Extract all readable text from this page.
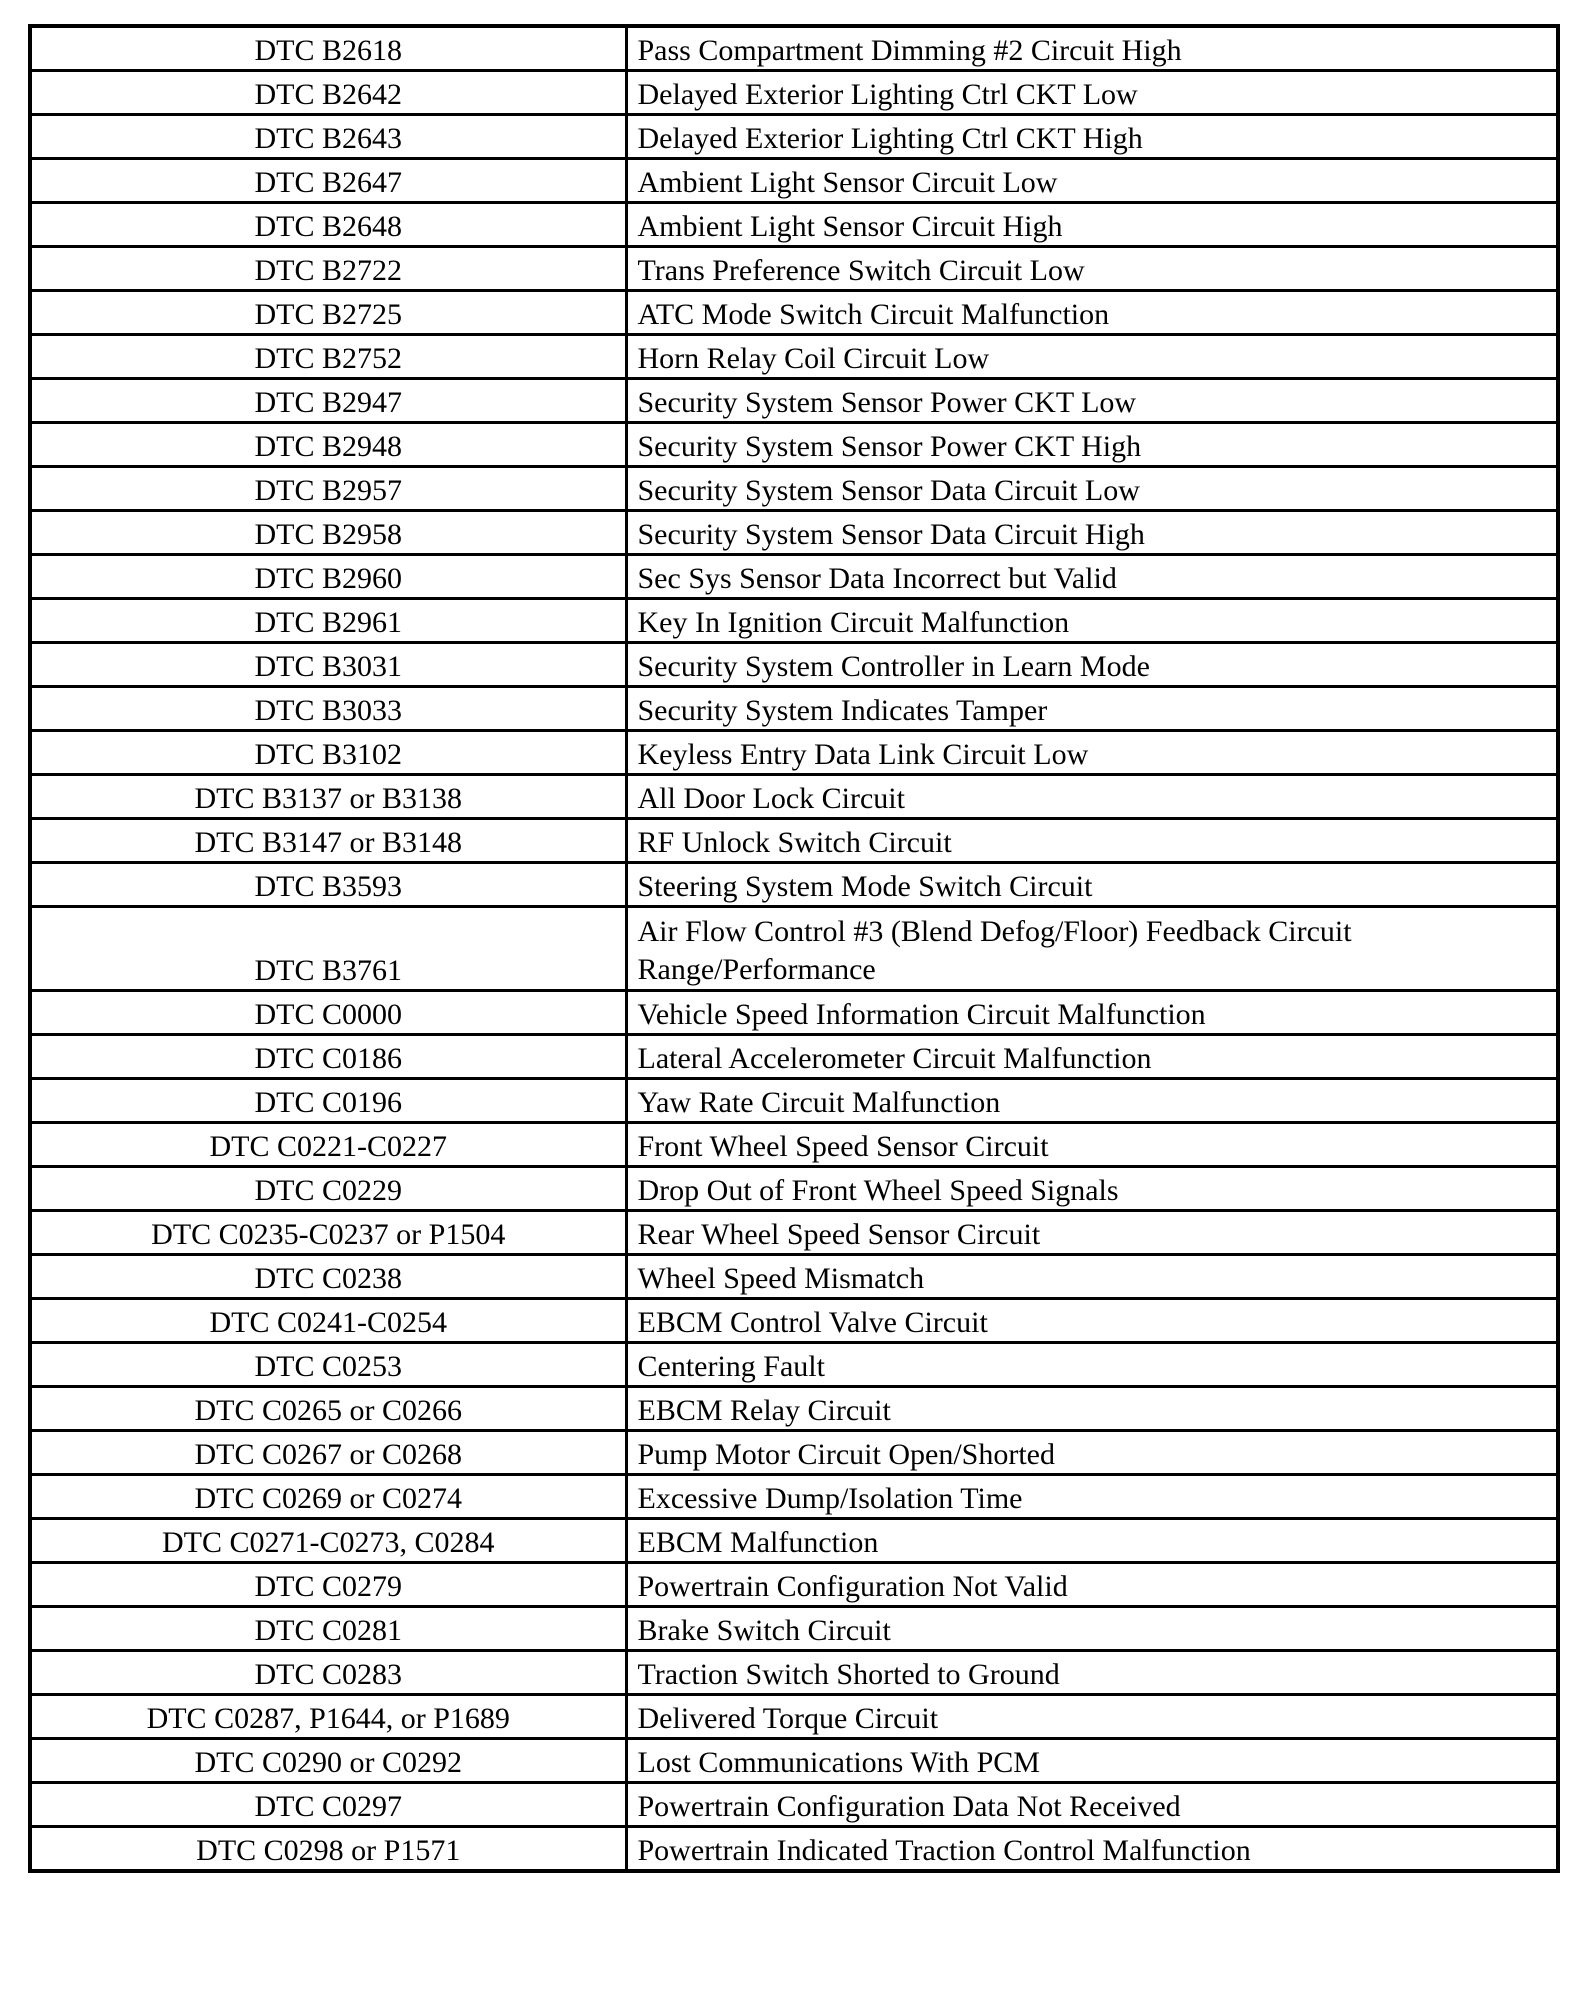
DTC B2618	Pass Compartment Dimming #2 Circuit High
DTC B2642	Delayed Exterior Lighting Ctrl CKT Low
DTC B2643	Delayed Exterior Lighting Ctrl CKT High
DTC B2647	Ambient Light Sensor Circuit Low
DTC B2648	Ambient Light Sensor Circuit High
DTC B2722	Trans Preference Switch Circuit Low
DTC B2725	ATC Mode Switch Circuit Malfunction
DTC B2752	Horn Relay Coil Circuit Low
DTC B2947	Security System Sensor Power CKT Low
DTC B2948	Security System Sensor Power CKT High
DTC B2957	Security System Sensor Data Circuit Low
DTC B2958	Security System Sensor Data Circuit High
DTC B2960	Sec Sys Sensor Data Incorrect but Valid
DTC B2961	Key In Ignition Circuit Malfunction
DTC B3031	Security System Controller in Learn Mode
DTC B3033	Security System Indicates Tamper
DTC B3102	Keyless Entry Data Link Circuit Low
DTC B3137 or B3138	All Door Lock Circuit
DTC B3147 or B3148	RF Unlock Switch Circuit
DTC B3593	Steering System Mode Switch Circuit
DTC B3761	Air Flow Control #3 (Blend Defog/Floor) Feedback Circuit Range/Performance
DTC C0000	Vehicle Speed Information Circuit Malfunction
DTC C0186	Lateral Accelerometer Circuit Malfunction
DTC C0196	Yaw Rate Circuit Malfunction
DTC C0221-C0227	Front Wheel Speed Sensor Circuit
DTC C0229	Drop Out of Front Wheel Speed Signals
DTC C0235-C0237 or P1504	Rear Wheel Speed Sensor Circuit
DTC C0238	Wheel Speed Mismatch
DTC C0241-C0254	EBCM Control Valve Circuit
DTC C0253	Centering Fault
DTC C0265 or C0266	EBCM Relay Circuit
DTC C0267 or C0268	Pump Motor Circuit Open/Shorted
DTC C0269 or C0274	Excessive Dump/Isolation Time
DTC C0271-C0273, C0284	EBCM Malfunction
DTC C0279	Powertrain Configuration Not Valid
DTC C0281	Brake Switch Circuit
DTC C0283	Traction Switch Shorted to Ground
DTC C0287, P1644, or P1689	Delivered Torque Circuit
DTC C0290 or C0292	Lost Communications With PCM
DTC C0297	Powertrain Configuration Data Not Received
DTC C0298 or P1571	Powertrain Indicated Traction Control Malfunction
